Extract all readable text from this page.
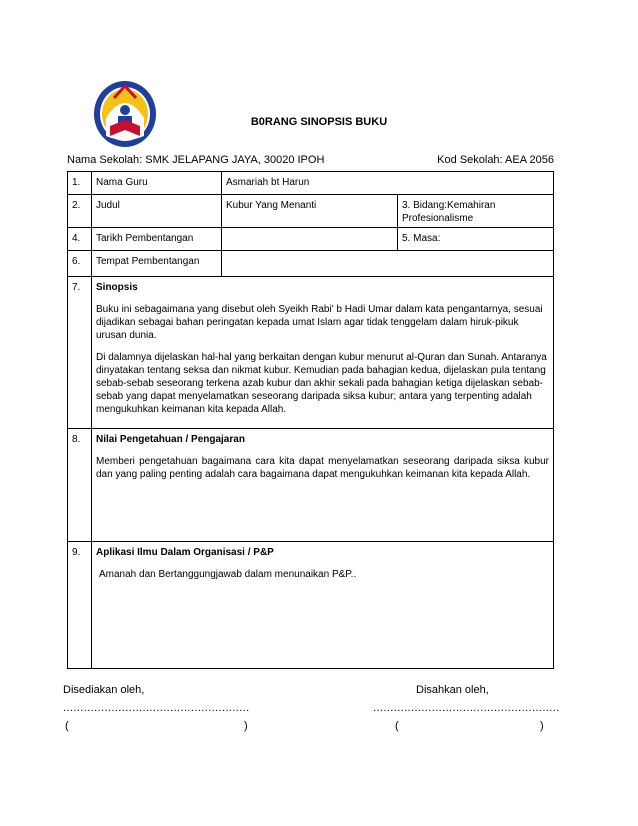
B0RANG SINOPSIS BUKU
Nama Sekolah: SMK JELAPANG JAYA, 30020 IPOH	Kod Sekolah: AEA 2056
1.	Nama Guru	Asmariah bt Harun	
2.	Judul	Kubur Yang Menanti	3. Bidang:Kemahiran Profesionalisme
4.	Tarikh Pembentangan		5. Masa:
6.	Tempat Pembentangan		
7.	Sinopsis

Buku ini sebagaimana yang disebut oleh Syeikh Rabi' b Hadi Umar dalam kata pengantarnya, sesuai dijadikan sebagai bahan peringatan kepada umat Islam agar tidak tenggelam dalam hiruk-pikuk urusan dunia.

Di dalamnya dijelaskan hal-hal yang berkaitan dengan kubur menurut al-Quran dan Sunah. Antaranya dinyatakan tentang seksa dan nikmat kubur. Kemudian pada bahagian kedua, dijelaskan pula tentang sebab-sebab seseorang terkena azab kubur dan akhir sekali pada bahagian ketiga dijelaskan sebab-sebab yang dapat menyelamatkan seseorang daripada siksa kubur; antara yang terpenting adalah mengukuhkan keimanan kita kepada Allah.		

8.	Nilai Pengetahuan / Pengajaran

Memberi pengetahuan bagaimana cara kita dapat menyelamatkan seseorang daripada siksa kubur dan yang paling penting adalah cara bagaimana dapat mengukuhkan keimanan kita kepada Allah.		

9.	Aplikasi Ilmu Dalam Organisasi / P&P

Amanah dan Bertanggungjawab dalam menunaikan P&P..		

Disediakan oleh,	Disahkan oleh,
......................................................	......................................................
(	)	(	)
